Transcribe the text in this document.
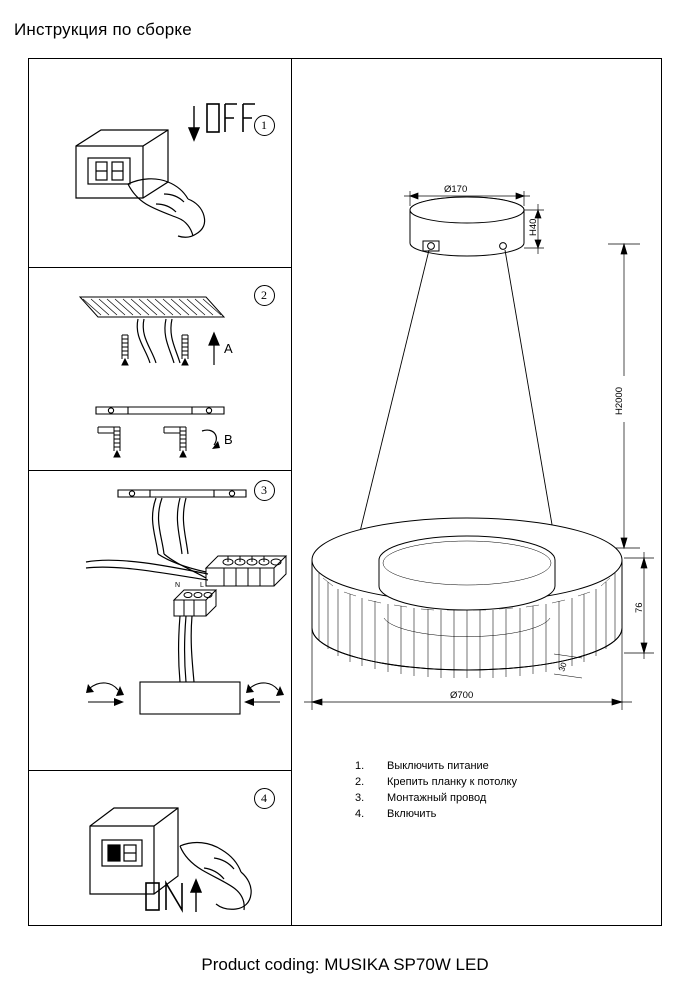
Инструкция по сборке
1
A
B
2
N	L
3
4
Ø170
H40
H2000
76
30
Ø700
1.	Выключить питание
2.	Крепить планку к потолку
3.	Монтажный провод
4.	Включить
Product coding: MUSIKA SP70W LED
